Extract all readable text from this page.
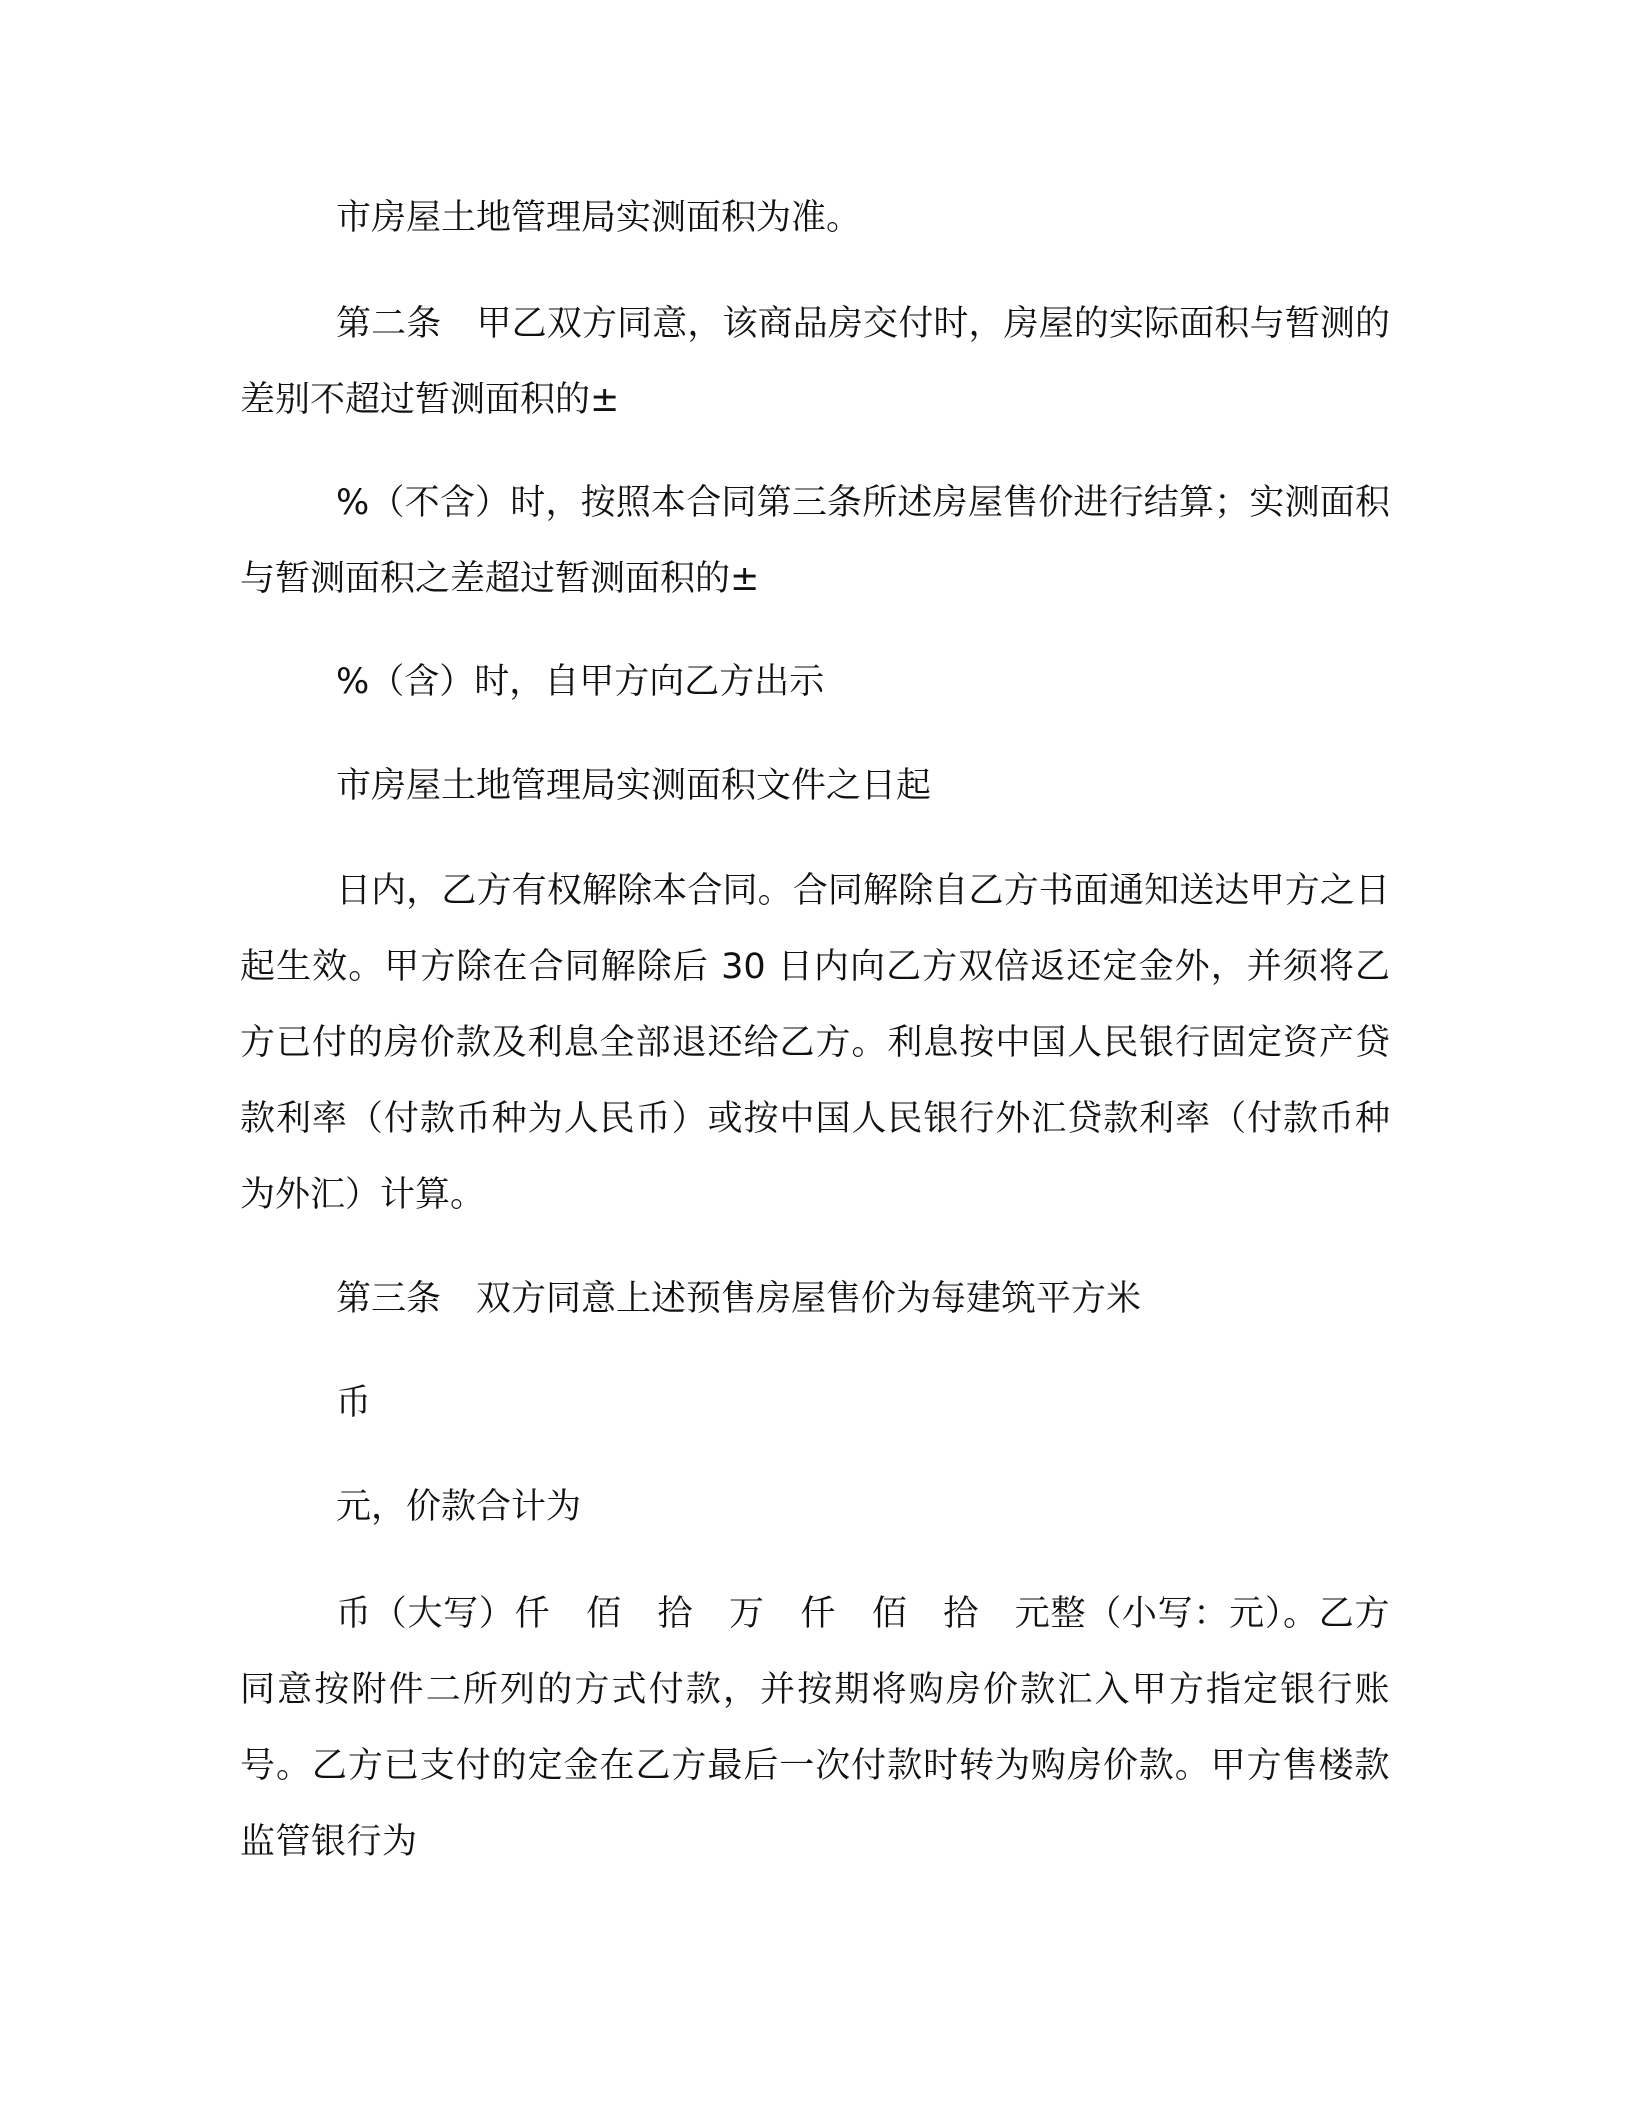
市房屋土地管理局实测面积为准。

第二条　甲乙双方同意，该商品房交付时，房屋的实际面积与暂测的差别不超过暂测面积的±

%（不含）时，按照本合同第三条所述房屋售价进行结算；实测面积与暂测面积之差超过暂测面积的±

%（含）时，自甲方向乙方出示

市房屋土地管理局实测面积文件之日起

日内，乙方有权解除本合同。合同解除自乙方书面通知送达甲方之日起生效。甲方除在合同解除后 30 日内向乙方双倍返还定金外，并须将乙方已付的房价款及利息全部退还给乙方。利息按中国人民银行固定资产贷款利率（付款币种为人民币）或按中国人民银行外汇贷款利率（付款币种为外汇）计算。

第三条　双方同意上述预售房屋售价为每建筑平方米

币

元，价款合计为

币（大写）仟　佰　拾　万　仟　佰　拾　元整（小写：元）。乙方同意按附件二所列的方式付款，并按期将购房价款汇入甲方指定银行账号。乙方已支付的定金在乙方最后一次付款时转为购房价款。甲方售楼款监管银行为
